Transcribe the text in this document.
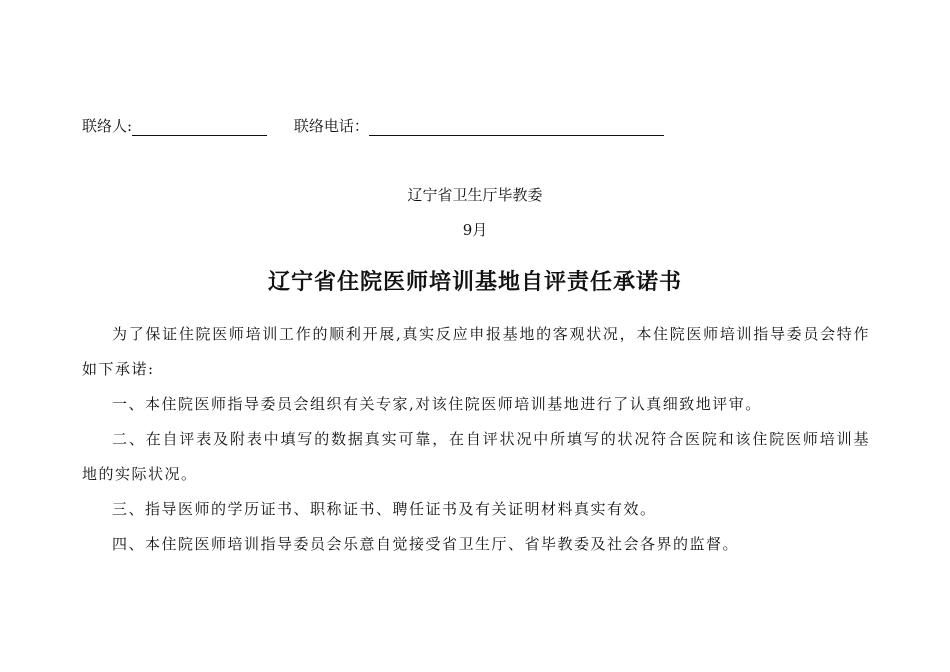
联络人:	联络电话：
辽宁省卫生厅毕教委
9月
辽宁省住院医师培训基地自评责任承诺书

为了保证住院医师培训工作的顺利开展,真实反应申报基地的客观状况，本住院医师培训指导委员会特作如下承诺:

一、本住院医师指导委员会组织有关专家,对该住院医师培训基地进行了认真细致地评审。

二、在自评表及附表中填写的数据真实可靠，在自评状况中所填写的状况符合医院和该住院医师培训基地的实际状况。

三、指导医师的学历证书、职称证书、聘任证书及有关证明材料真实有效。

四、本住院医师培训指导委员会乐意自觉接受省卫生厅、省毕教委及社会各界的监督。
